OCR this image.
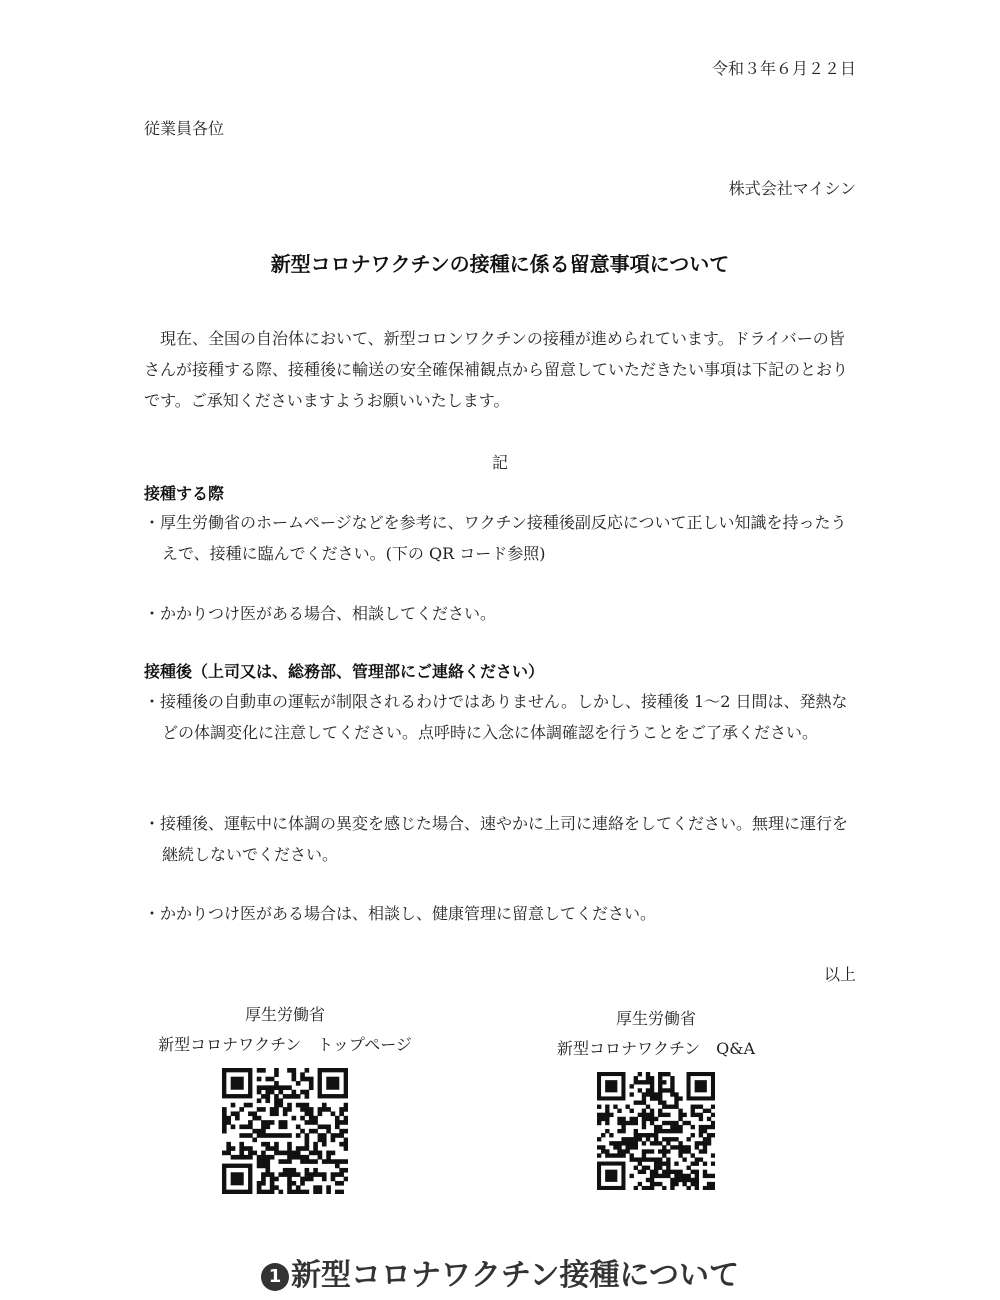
令和３年６月２２日
従業員各位
株式会社マイシン
新型コロナワクチンの接種に係る留意事項について
現在、全国の自治体において、新型コロンワクチンの接種が進められています。ドライバーの皆さんが接種する際、接種後に輸送の安全確保補観点から留意していただきたい事項は下記のとおりです。ご承知くださいますようお願いいたします。
記
接種する際
・厚生労働省のホームページなどを参考に、ワクチン接種後副反応について正しい知識を持ったうえで、接種に臨んでください。(下の QR コード参照)
・かかりつけ医がある場合、相談してください。
接種後（上司又は、総務部、管理部にご連絡ください）
・接種後の自動車の運転が制限されるわけではありません。しかし、接種後 1〜2 日間は、発熱などの体調変化に注意してください。点呼時に入念に体調確認を行うことをご了承ください。
・接種後、運転中に体調の異変を感じた場合、速やかに上司に連絡をしてください。無理に運行を継続しないでください。
・かかりつけ医がある場合は、相談し、健康管理に留意してください。
以上
厚生労働省
新型コロナワクチン　トップページ
厚生労働省
新型コロナワクチン　Q&A
1 新型コロナワクチン接種について
